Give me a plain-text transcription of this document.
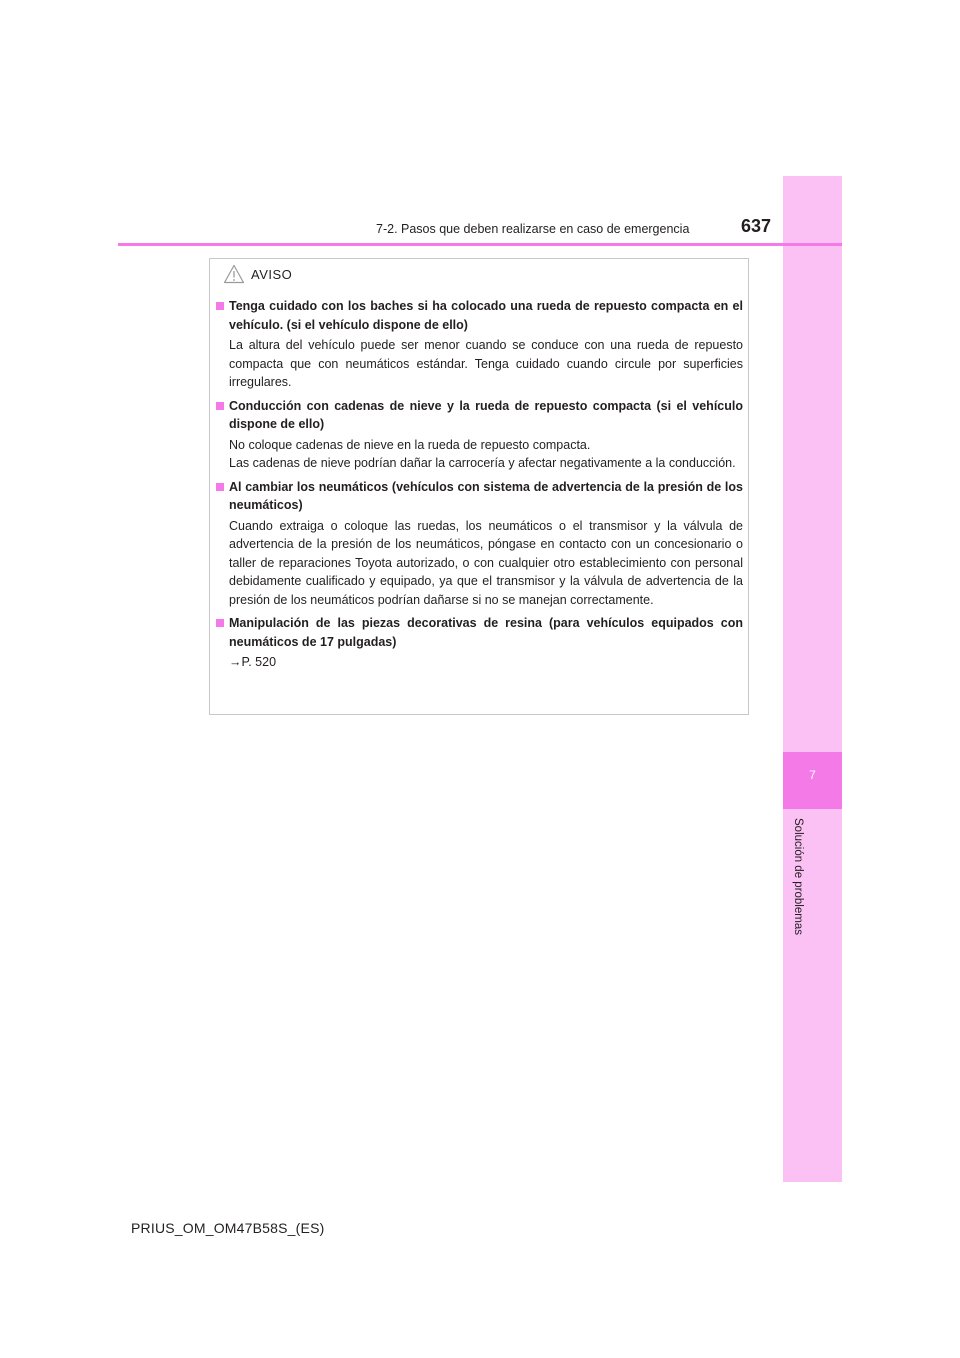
7
Solución de problemas
7-2. Pasos que deben realizarse en caso de emergencia	637
AVISO
Tenga cuidado con los baches si ha colocado una rueda de repuesto compacta en el vehículo. (si el vehículo dispone de ello)
La altura del vehículo puede ser menor cuando se conduce con una rueda de repuesto compacta que con neumáticos estándar. Tenga cuidado cuando circule por superficies irregulares.
Conducción con cadenas de nieve y la rueda de repuesto compacta (si el vehículo dispone de ello)
No coloque cadenas de nieve en la rueda de repuesto compacta.
Las cadenas de nieve podrían dañar la carrocería y afectar negativamente a la conducción.
Al cambiar los neumáticos (vehículos con sistema de advertencia de la presión de los neumáticos)
Cuando extraiga o coloque las ruedas, los neumáticos o el transmisor y la válvula de advertencia de la presión de los neumáticos, póngase en contacto con un concesionario o taller de reparaciones Toyota autorizado, o con cualquier otro establecimiento con personal debidamente cualificado y equipado, ya que el transmisor y la válvula de advertencia de la presión de los neumáticos podrían dañarse si no se manejan correctamente.
Manipulación de las piezas decorativas de resina (para vehículos equipados con neumáticos de 17 pulgadas)
→P. 520
PRIUS_OM_OM47B58S_(ES)
